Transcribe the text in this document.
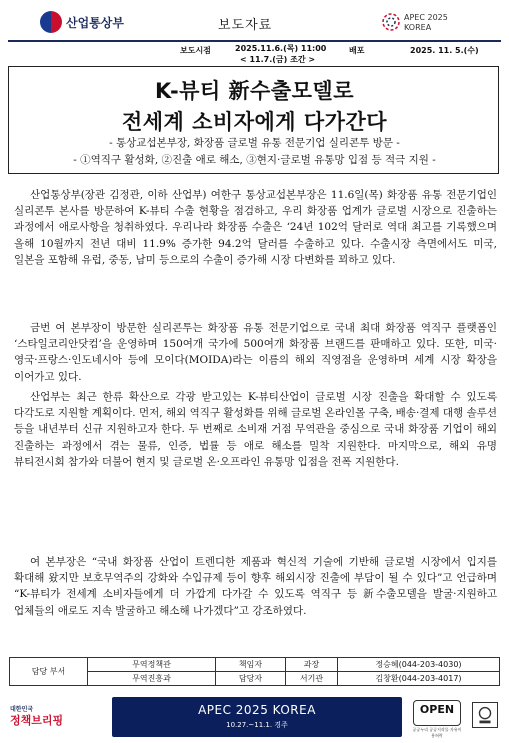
산업통상부	보도자료
APEC 2025
KOREA
보도시점	2025.11.6.(목) 11:00
< 11.7.(금) 조간 >
배포	2025. 11. 5.(수)
K-뷰티 新수출모델로
전세계 소비자에게 다가간다
- 통상교섭본부장, 화장품 글로벌 유통 전문기업 실리콘투 방문 -
- ①역직구 활성화, ②진출 애로 해소, ③현지·글로벌 유통망 입점 등 적극 지원 -

산업통상부(장관 김정관, 이하 산업부) 여한구 통상교섭본부장은 11.6일(목) 화장품 유통 전문기업인 실리콘투 본사를 방문하여 K-뷰티 수출 현황을 점검하고, 우리 화장품 업계가 글로벌 시장으로 진출하는 과정에서 애로사항을 청취하였다. 우리나라 화장품 수출은 ‘24년 102억 달러로 역대 최고를 기록했으며 올해 10월까지 전년 대비 11.9% 증가한 94.2억 달러를 수출하고 있다. 수출시장 측면에서도 미국, 일본을 포함해 유럽, 중동, 남미 등으로의 수출이 증가해 시장 다변화를 꾀하고 있다.

금번 여 본부장이 방문한 실리콘투는 화장품 유통 전문기업으로 국내 최대 화장품 역직구 플랫폼인 ‘스타일코리안닷컴’을 운영하며 150여개 국가에 500여개 화장품 브랜드를 판매하고 있다. 또한, 미국·영국·프랑스·인도네시아 등에 모이다(MOIDA)라는 이름의 해외 직영점을 운영하며 세계 시장 확장을 이어가고 있다.

산업부는 최근 한류 확산으로 각광 받고있는 K-뷰티산업이 글로벌 시장 진출을 확대할 수 있도록 다각도로 지원할 계획이다. 먼저, 해외 역직구 활성화를 위해 글로벌 온라인몰 구축, 배송·결제 대행 솔루션 등을 내년부터 신규 지원하고자 한다. 두 번째로 소비재 거점 무역관을 중심으로 국내 화장품 기업이 해외 진출하는 과정에서 겪는 물류, 인증, 법률 등 애로 해소를 밀착 지원한다. 마지막으로, 해외 유명 뷰티전시회 참가와 더불어 현지 및 글로벌 온·오프라인 유통망 입점을 전폭 지원한다.

여 본부장은 “국내 화장품 산업이 트렌디한 제품과 혁신적 기술에 기반해 글로벌 시장에서 입지를 확대해 왔지만 보호무역주의 강화와 수입규제 등이 향후 해외시장 진출에 부담이 될 수 있다”고 언급하며 “K-뷰티가 전세계 소비자들에게 더 가깝게 다가갈 수 있도록 역직구 등 新수출모델을 발굴·지원하고 업체들의 애로도 지속 발굴하고 해소해 나가겠다”고 강조하였다.

담당 부서	무역정책관	책임자	과장	정승혜(044-203-4030)
	무역진흥과	담당자	서기관	김창환(044-203-4017)
대한민국
정책브리핑
APEC 2025 KOREA
10.27.~11.1. 경주
OPEN
공공누리 공공저작물 자유이용허락
